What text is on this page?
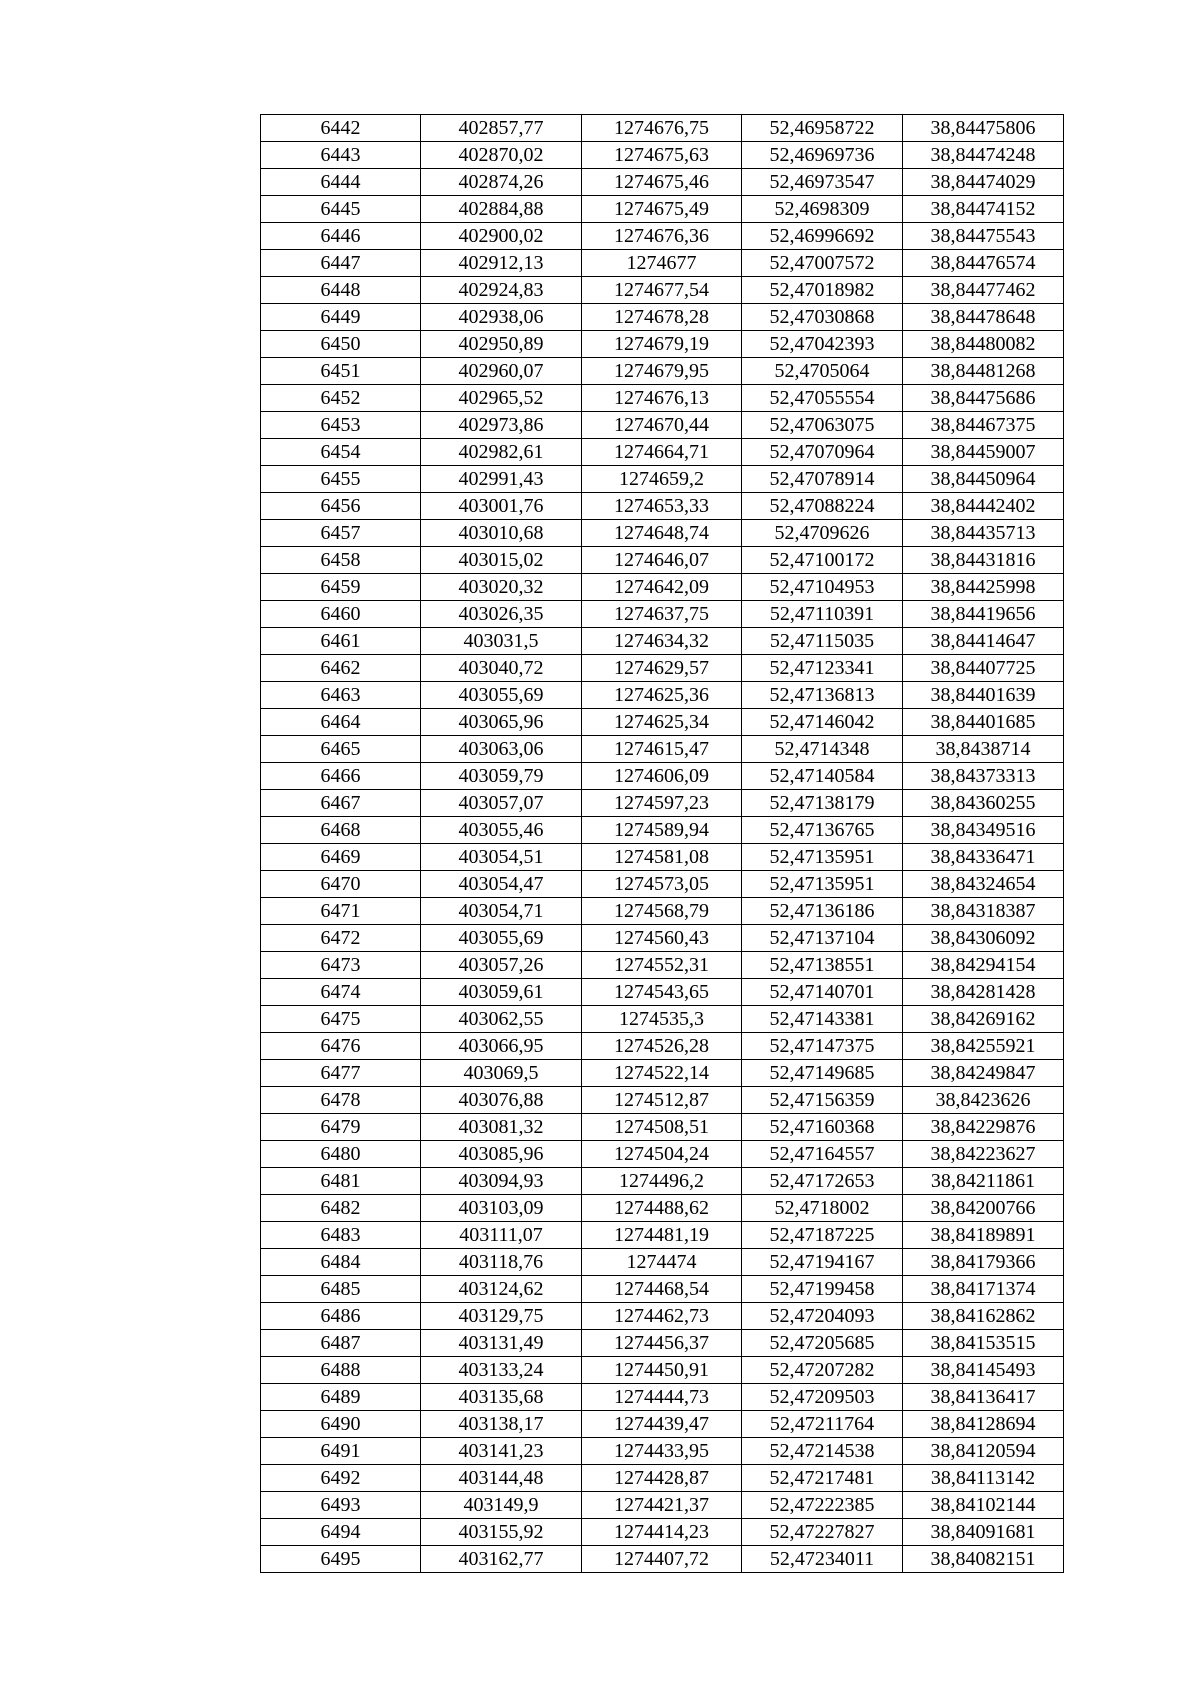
6442	402857,77	1274676,75	52,46958722	38,84475806
6443	402870,02	1274675,63	52,46969736	38,84474248
6444	402874,26	1274675,46	52,46973547	38,84474029
6445	402884,88	1274675,49	52,4698309	38,84474152
6446	402900,02	1274676,36	52,46996692	38,84475543
6447	402912,13	1274677	52,47007572	38,84476574
6448	402924,83	1274677,54	52,47018982	38,84477462
6449	402938,06	1274678,28	52,47030868	38,84478648
6450	402950,89	1274679,19	52,47042393	38,84480082
6451	402960,07	1274679,95	52,4705064	38,84481268
6452	402965,52	1274676,13	52,47055554	38,84475686
6453	402973,86	1274670,44	52,47063075	38,84467375
6454	402982,61	1274664,71	52,47070964	38,84459007
6455	402991,43	1274659,2	52,47078914	38,84450964
6456	403001,76	1274653,33	52,47088224	38,84442402
6457	403010,68	1274648,74	52,4709626	38,84435713
6458	403015,02	1274646,07	52,47100172	38,84431816
6459	403020,32	1274642,09	52,47104953	38,84425998
6460	403026,35	1274637,75	52,47110391	38,84419656
6461	403031,5	1274634,32	52,47115035	38,84414647
6462	403040,72	1274629,57	52,47123341	38,84407725
6463	403055,69	1274625,36	52,47136813	38,84401639
6464	403065,96	1274625,34	52,47146042	38,84401685
6465	403063,06	1274615,47	52,4714348	38,8438714
6466	403059,79	1274606,09	52,47140584	38,84373313
6467	403057,07	1274597,23	52,47138179	38,84360255
6468	403055,46	1274589,94	52,47136765	38,84349516
6469	403054,51	1274581,08	52,47135951	38,84336471
6470	403054,47	1274573,05	52,47135951	38,84324654
6471	403054,71	1274568,79	52,47136186	38,84318387
6472	403055,69	1274560,43	52,47137104	38,84306092
6473	403057,26	1274552,31	52,47138551	38,84294154
6474	403059,61	1274543,65	52,47140701	38,84281428
6475	403062,55	1274535,3	52,47143381	38,84269162
6476	403066,95	1274526,28	52,47147375	38,84255921
6477	403069,5	1274522,14	52,47149685	38,84249847
6478	403076,88	1274512,87	52,47156359	38,8423626
6479	403081,32	1274508,51	52,47160368	38,84229876
6480	403085,96	1274504,24	52,47164557	38,84223627
6481	403094,93	1274496,2	52,47172653	38,84211861
6482	403103,09	1274488,62	52,4718002	38,84200766
6483	403111,07	1274481,19	52,47187225	38,84189891
6484	403118,76	1274474	52,47194167	38,84179366
6485	403124,62	1274468,54	52,47199458	38,84171374
6486	403129,75	1274462,73	52,47204093	38,84162862
6487	403131,49	1274456,37	52,47205685	38,84153515
6488	403133,24	1274450,91	52,47207282	38,84145493
6489	403135,68	1274444,73	52,47209503	38,84136417
6490	403138,17	1274439,47	52,47211764	38,84128694
6491	403141,23	1274433,95	52,47214538	38,84120594
6492	403144,48	1274428,87	52,47217481	38,84113142
6493	403149,9	1274421,37	52,47222385	38,84102144
6494	403155,92	1274414,23	52,47227827	38,84091681
6495	403162,77	1274407,72	52,47234011	38,84082151
